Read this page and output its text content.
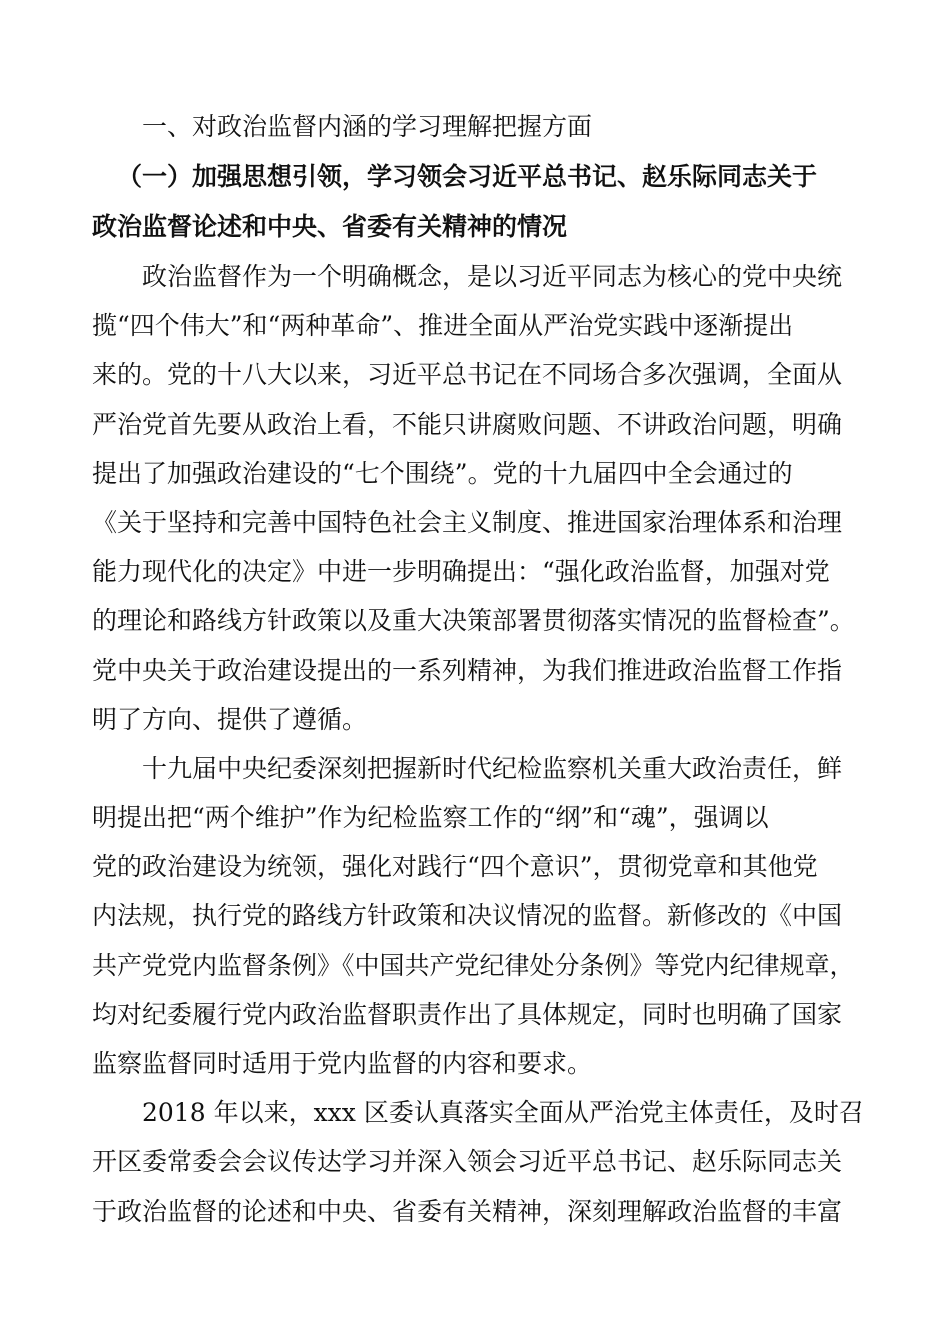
一、对政治监督内涵的学习理解把握方面
（一）加强思想引领，学习领会习近平总书记、赵乐际同志关于
政治监督论述和中央、省委有关精神的情况

政治监督作为一个明确概念，是以习近平同志为核心的党中央统
揽“四个伟大”和“两种革命”、推进全面从严治党实践中逐渐提出
来的。党的十八大以来，习近平总书记在不同场合多次强调，全面从
严治党首先要从政治上看，不能只讲腐败问题、不讲政治问题，明确
提出了加强政治建设的“七个围绕”。党的十九届四中全会通过的
《关于坚持和完善中国特色社会主义制度、推进国家治理体系和治理
能力现代化的决定》中进一步明确提出：“强化政治监督，加强对党
的理论和路线方针政策以及重大决策部署贯彻落实情况的监督检查”。
党中央关于政治建设提出的一系列精神，为我们推进政治监督工作指
明了方向、提供了遵循。

十九届中央纪委深刻把握新时代纪检监察机关重大政治责任，鲜
明提出把“两个维护”作为纪检监察工作的“纲”和“魂”，强调以
党的政治建设为统领，强化对践行“四个意识”，贯彻党章和其他党
内法规，执行党的路线方针政策和决议情况的监督。新修改的《中国
共产党党内监督条例》《中国共产党纪律处分条例》等党内纪律规章，
均对纪委履行党内政治监督职责作出了具体规定，同时也明确了国家
监察监督同时适用于党内监督的内容和要求。

2018 年以来，xxx 区委认真落实全面从严治党主体责任，及时召
开区委常委会会议传达学习并深入领会习近平总书记、赵乐际同志关
于政治监督的论述和中央、省委有关精神，深刻理解政治监督的丰富
